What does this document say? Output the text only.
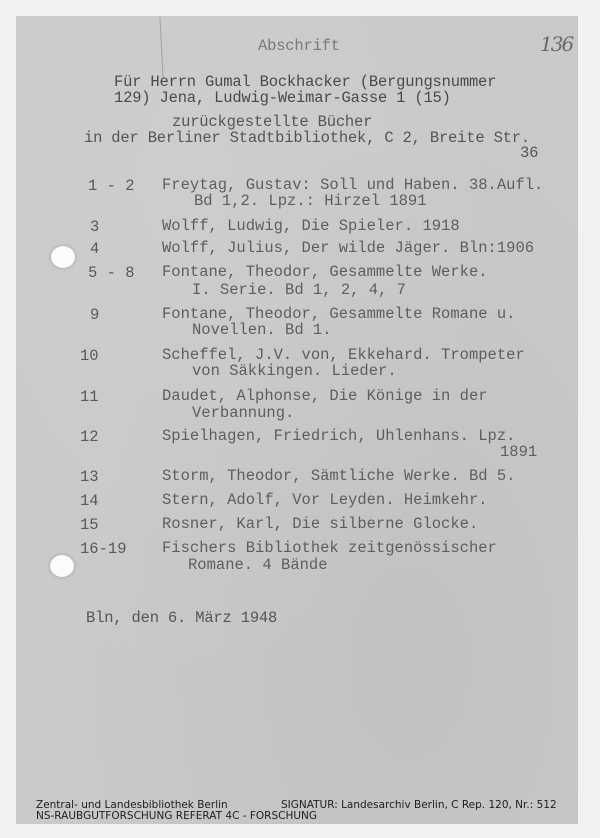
Abschrift	136
Für Herrn Gumal Bockhacker (Bergungsnummer
129) Jena, Ludwig-Weimar-Gasse 1 (15)
zurückgestellte Bücher
in der Berliner Stadtbibliothek, C 2, Breite Str.
36
1 - 2 Freytag, Gustav: Soll und Haben. 38.Aufl.
Bd 1,2. Lpz.: Hirzel 1891
3	Wolff, Ludwig, Die Spieler. 1918
4	Wolff, Julius, Der wilde Jäger. Bln:1906
5 - 8 Fontane, Theodor, Gesammelte Werke.
I. Serie. Bd 1, 2, 4, 7
9	Fontane, Theodor, Gesammelte Romane u.
Novellen. Bd 1.
10	Scheffel, J.V. von, Ekkehard. Trompeter
von Säkkingen. Lieder.
11	Daudet, Alphonse, Die Könige in der
Verbannung.
12	Spielhagen, Friedrich, Uhlenhans. Lpz.
1891
13	Storm, Theodor, Sämtliche Werke. Bd 5.
14	Stern, Adolf, Vor Leyden. Heimkehr.
15	Rosner, Karl, Die silberne Glocke.
16-19 Fischers Bibliothek zeitgenössischer
Romane. 4 Bände
Bln, den 6. März 1948
Zentral- und Landesbibliothek Berlin	SIGNATUR: Landesarchiv Berlin, C Rep. 120, Nr.: 512
NS-RAUBGUTFORSCHUNG REFERAT 4C - FORSCHUNG
